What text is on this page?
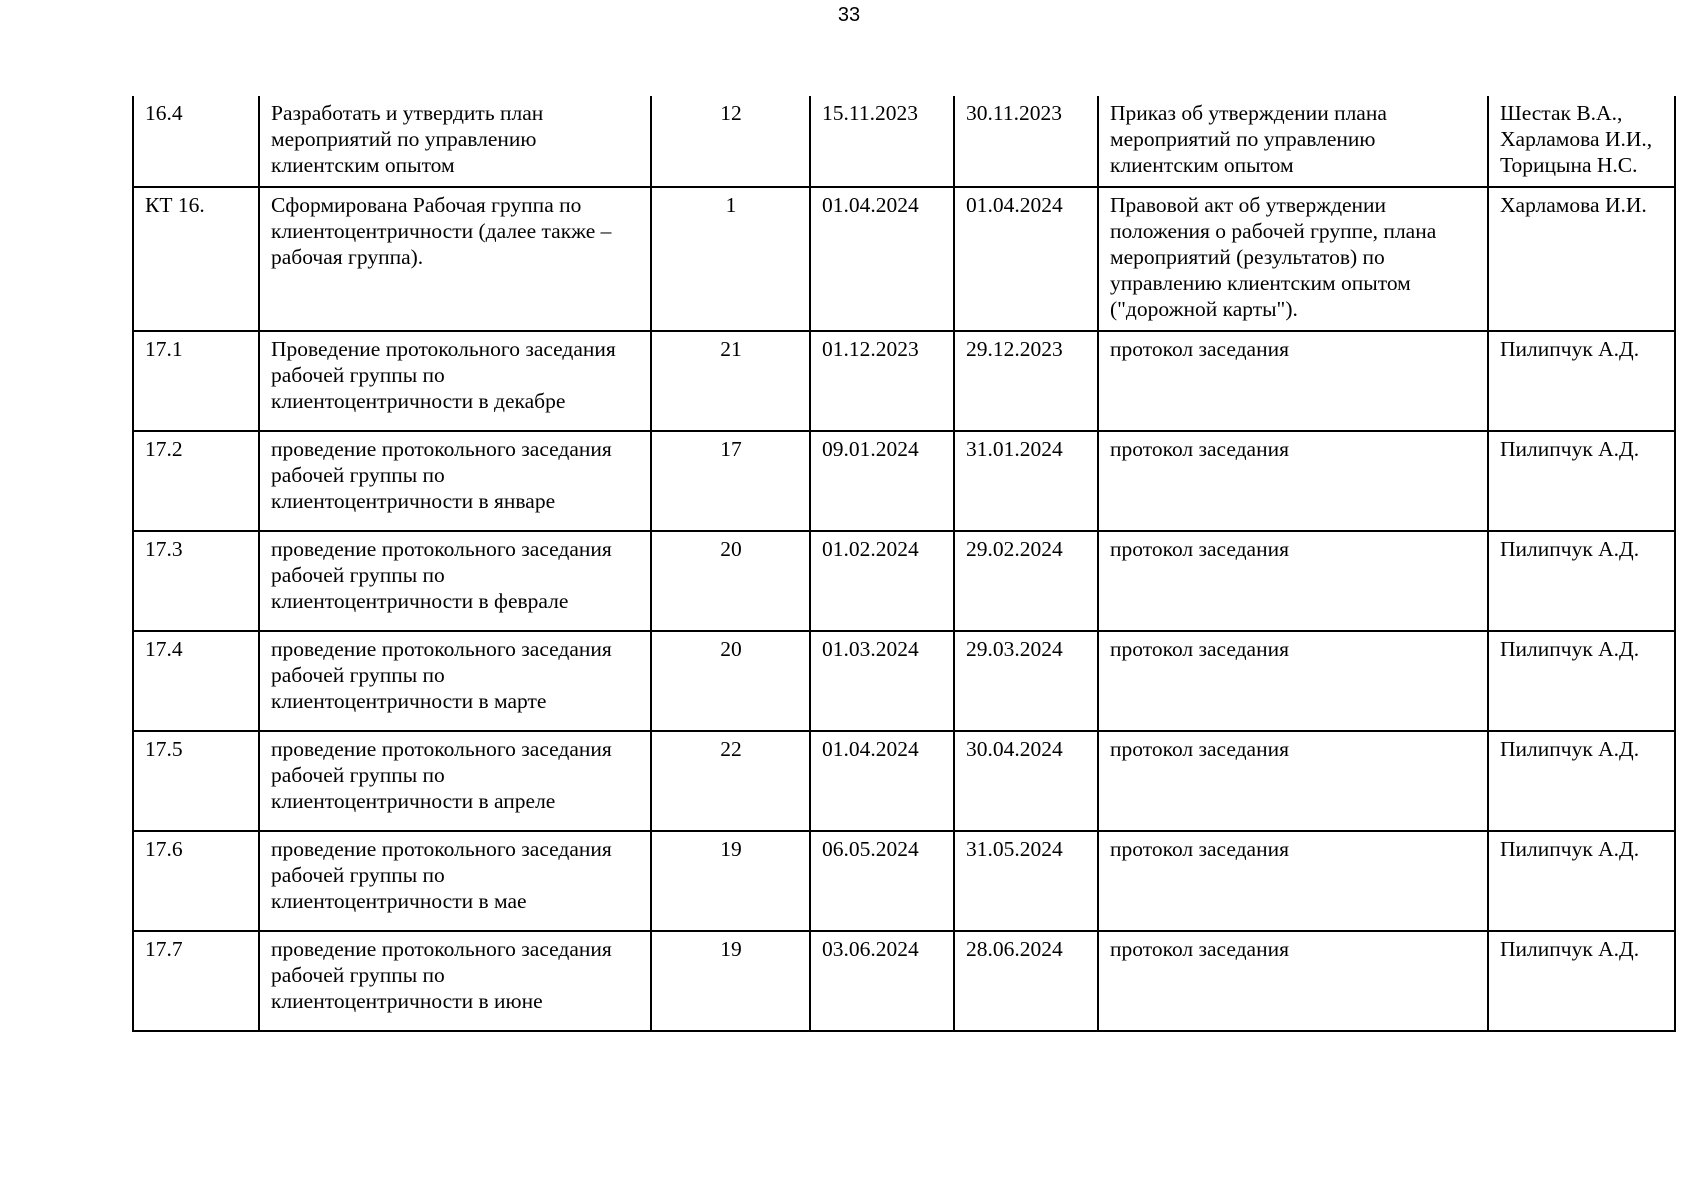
33
16.4	Разработать и утвердить план мероприятий по управлению клиентским опытом	12	15.11.2023	30.11.2023	Приказ об утверждении плана мероприятий по управлению клиентским опытом	Шестак В.А., Харламова И.И., Торицына Н.С.
КТ 16.	Сформирована Рабочая группа по клиентоцентричности (далее также – рабочая группа).	1	01.04.2024	01.04.2024	Правовой акт об утверждении положения о рабочей группе, плана мероприятий (результатов) по управлению клиентским опытом ("дорожной карты").	Харламова И.И.
17.1	Проведение протокольного заседания рабочей группы по клиентоцентричности в декабре	21	01.12.2023	29.12.2023	протокол заседания	Пилипчук А.Д.
17.2	проведение протокольного заседания рабочей группы по клиентоцентричности в январе	17	09.01.2024	31.01.2024	протокол заседания	Пилипчук А.Д.
17.3	проведение протокольного заседания рабочей группы по клиентоцентричности в феврале	20	01.02.2024	29.02.2024	протокол заседания	Пилипчук А.Д.
17.4	проведение протокольного заседания рабочей группы по клиентоцентричности в марте	20	01.03.2024	29.03.2024	протокол заседания	Пилипчук А.Д.
17.5	проведение протокольного заседания рабочей группы по клиентоцентричности в апреле	22	01.04.2024	30.04.2024	протокол заседания	Пилипчук А.Д.
17.6	проведение протокольного заседания рабочей группы по клиентоцентричности в мае	19	06.05.2024	31.05.2024	протокол заседания	Пилипчук А.Д.
17.7	проведение протокольного заседания рабочей группы по клиентоцентричности в июне	19	03.06.2024	28.06.2024	протокол заседания	Пилипчук А.Д.
